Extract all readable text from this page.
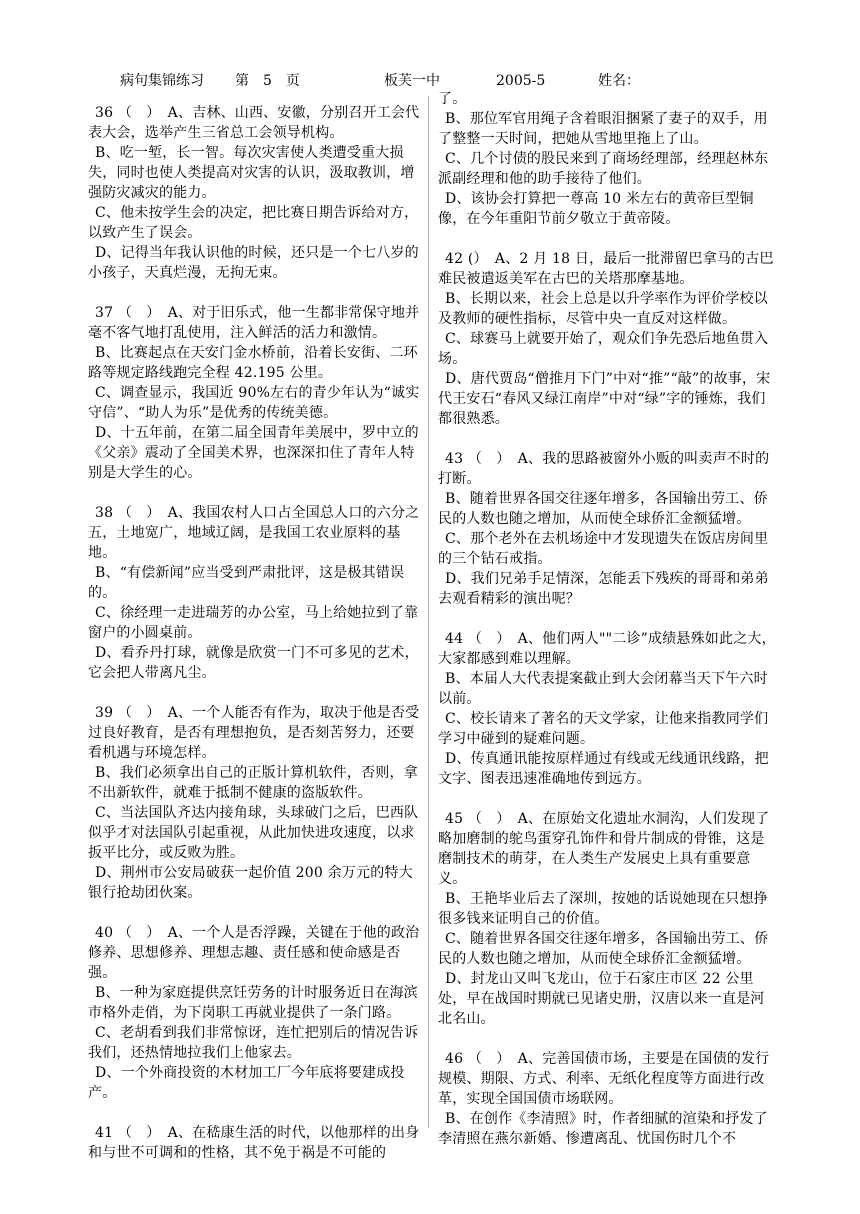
病句集锦练习 第　5　页	板芙一中	2005-5	姓名：

36 （　）　A、吉林、山西、安徽，分别召开工会代表大会，选举产生三省总工会领导机构。

B、吃一堑，长一智。每次灾害使人类遭受重大损失，同时也使人类提高对灾害的认识，汲取教训，增强防灾减灾的能力。

C、他未按学生会的决定，把比赛日期告诉给对方，以致产生了误会。

D、记得当年我认识他的时候，还只是一个七八岁的小孩子，天真烂漫，无拘无束。

37 （　）　A、对于旧乐式，他一生都非常保守地并毫不客气地打乱使用，注入鲜活的活力和激情。

B、比赛起点在天安门金水桥前，沿着长安街、二环路等规定路线跑完全程 42.195 公里。

C、调查显示，我国近 90%左右的青少年认为“诚实守信”、“助人为乐”是优秀的传统美德。

D、十五年前，在第二届全国青年美展中，罗中立的《父亲》震动了全国美术界，也深深扣住了青年人特别是大学生的心。

38 （　）　A、我国农村人口占全国总人口的六分之五，土地宽广，地域辽阔，是我国工农业原料的基地。

B、“有偿新闻”应当受到严肃批评，这是极其错误的。

C、徐经理一走进瑞芳的办公室，马上给她拉到了靠窗户的小圆桌前。

D、看乔丹打球，就像是欣赏一门不可多见的艺术，它会把人带离凡尘。

39 （　）　A、一个人能否有作为，取决于他是否受过良好教育，是否有理想抱负，是否刻苦努力，还要看机遇与环境怎样。

B、我们必须拿出自己的正版计算机软件，否则，拿不出新软件，就难于抵制不健康的盗版软件。

C、当法国队齐达内接角球，头球破门之后，巴西队似乎才对法国队引起重视，从此加快进攻速度，以求扳平比分，或反败为胜。

D、荆州市公安局破获一起价值 200 余万元的特大银行抢劫团伙案。

40 （　）　A、一个人是否浮躁，关键在于他的政治修养、思想修养、理想志趣、责任感和使命感是否强。

B、一种为家庭提供烹饪劳务的计时服务近日在海滨市格外走俏，为下岗职工再就业提供了一条门路。

C、老胡看到我们非常惊讶，连忙把别后的情况告诉我们，还热情地拉我们上他家去。

D、一个外商投资的木材加工厂今年底将要建成投产。

41 （　）　A、在嵇康生活的时代，以他那样的出身和与世不可调和的性格，其不免于祸是不可能的

了。

B、那位军官用绳子含着眼泪捆紧了妻子的双手，用了整整一天时间，把她从雪地里拖上了山。

C、几个讨债的股民来到了商场经理部，经理赵林东派副经理和他的助手接待了他们。

D、该协会打算把一尊高 10 米左右的黄帝巨型铜像，在今年重阳节前夕敬立于黄帝陵。

42 (）　A、2 月 18 日，最后一批滞留巴拿马的古巴难民被遣返美军在古巴的关塔那摩基地。

B、长期以来，社会上总是以升学率作为评价学校以及教师的硬性指标，尽管中央一直反对这样做。

C、球赛马上就要开始了，观众们争先恐后地鱼贯入场。

D、唐代贾岛“僧推月下门”中对“推”“敲”的故事，宋代王安石“春风又绿江南岸”中对“绿”字的锤炼，我们都很熟悉。

43 （　）　A、我的思路被窗外小贩的叫卖声不时的打断。

B、随着世界各国交往逐年增多，各国输出劳工、侨民的人数也随之增加，从而使全球侨汇金额猛增。

C、那个老外在去机场途中才发现遗失在饭店房间里的三个钻石戒指。

D、我们兄弟手足情深，怎能丢下残疾的哥哥和弟弟去观看精彩的演出呢？

44 （　）　A、他们两人""二诊”成绩悬殊如此之大，大家都感到难以理解。

B、本届人大代表提案截止到大会闭幕当天下午六时以前。

C、校长请来了著名的天文学家，让他来指教同学们学习中碰到的疑难问题。

D、传真通讯能按原样通过有线或无线通讯线路，把文字、图表迅速准确地传到远方。

45 （　）　A、在原始文化遗址水洞沟，人们发现了略加磨制的鸵鸟蛋穿孔饰件和骨片制成的骨锥，这是磨制技术的萌芽，在人类生产发展史上具有重要意义。

B、王艳毕业后去了深圳，按她的话说她现在只想挣很多钱来证明自己的价值。

C、随着世界各国交往逐年增多，各国输出劳工、侨民的人数也随之增加，从而使全球侨汇金额猛增。

D、封龙山又叫飞龙山，位于石家庄市区 22 公里处，早在战国时期就已见诸史册，汉唐以来一直是河北名山。

46 （　）　A、完善国债市场，主要是在国债的发行规模、期限、方式、利率、无纸化程度等方面进行改革，实现全国国债市场联网。

B、在创作《李清照》时，作者细腻的渲染和抒发了李清照在燕尔新婚、惨遭离乱、忧国伤时几个不
